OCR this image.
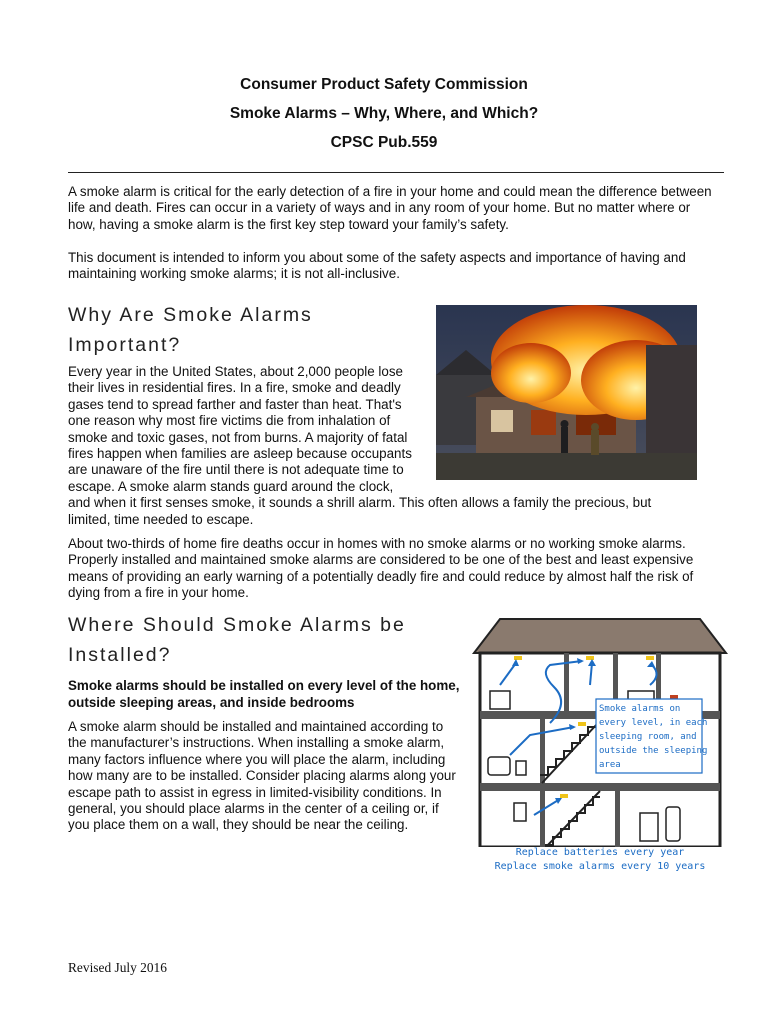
Consumer Product Safety Commission
Smoke Alarms – Why, Where, and Which?
CPSC Pub.559

A smoke alarm is critical for the early detection of a fire in your home and could mean the difference between life and death. Fires can occur in a variety of ways and in any room of your home. But no matter where or how, having a smoke alarm is the first key step toward your family’s safety.

This document is intended to inform you about some of the safety aspects and importance of having and maintaining working smoke alarms; it is not all-inclusive.

Why Are Smoke Alarms
Important?

Every year in the United States, about 2,000 people lose

their lives in residential fires. In a fire, smoke and deadly

gases tend to spread farther and faster than heat. That's

one reason why most fire victims die from inhalation of

smoke and toxic gases, not from burns. A majority of fatal

fires happen when families are asleep because occupants

are unaware of the fire until there is not adequate time to

escape. A smoke alarm stands guard around the clock,

and when it first senses smoke, it sounds a shrill alarm. This often allows a family the precious, but

limited, time needed to escape.

About two-thirds of home fire deaths occur in homes with no smoke alarms or no working smoke alarms. Properly installed and maintained smoke alarms are considered to be one of the best and least expensive means of providing an early warning of a potentially deadly fire and could reduce by almost half the risk of dying from a fire in your home.

Where Should Smoke Alarms be
Installed?

Smoke alarms should be installed on every level of the home, outside sleeping areas, and inside bedrooms

A smoke alarm should be installed and maintained according to the manufacturer’s instructions. When installing a smoke alarm, many factors influence where you will place the alarm, including how many are to be installed. Consider placing alarms along your escape path to assist in egress in limited-visibility conditions. In general, you should place alarms in the center of a ceiling or, if you place them on a wall, they should be near the ceiling.

Smoke alarms on
every level, in each
sleeping room, and
outside the sleeping
area
Replace batteries every year
Replace smoke alarms every 10 years
Revised July 2016
